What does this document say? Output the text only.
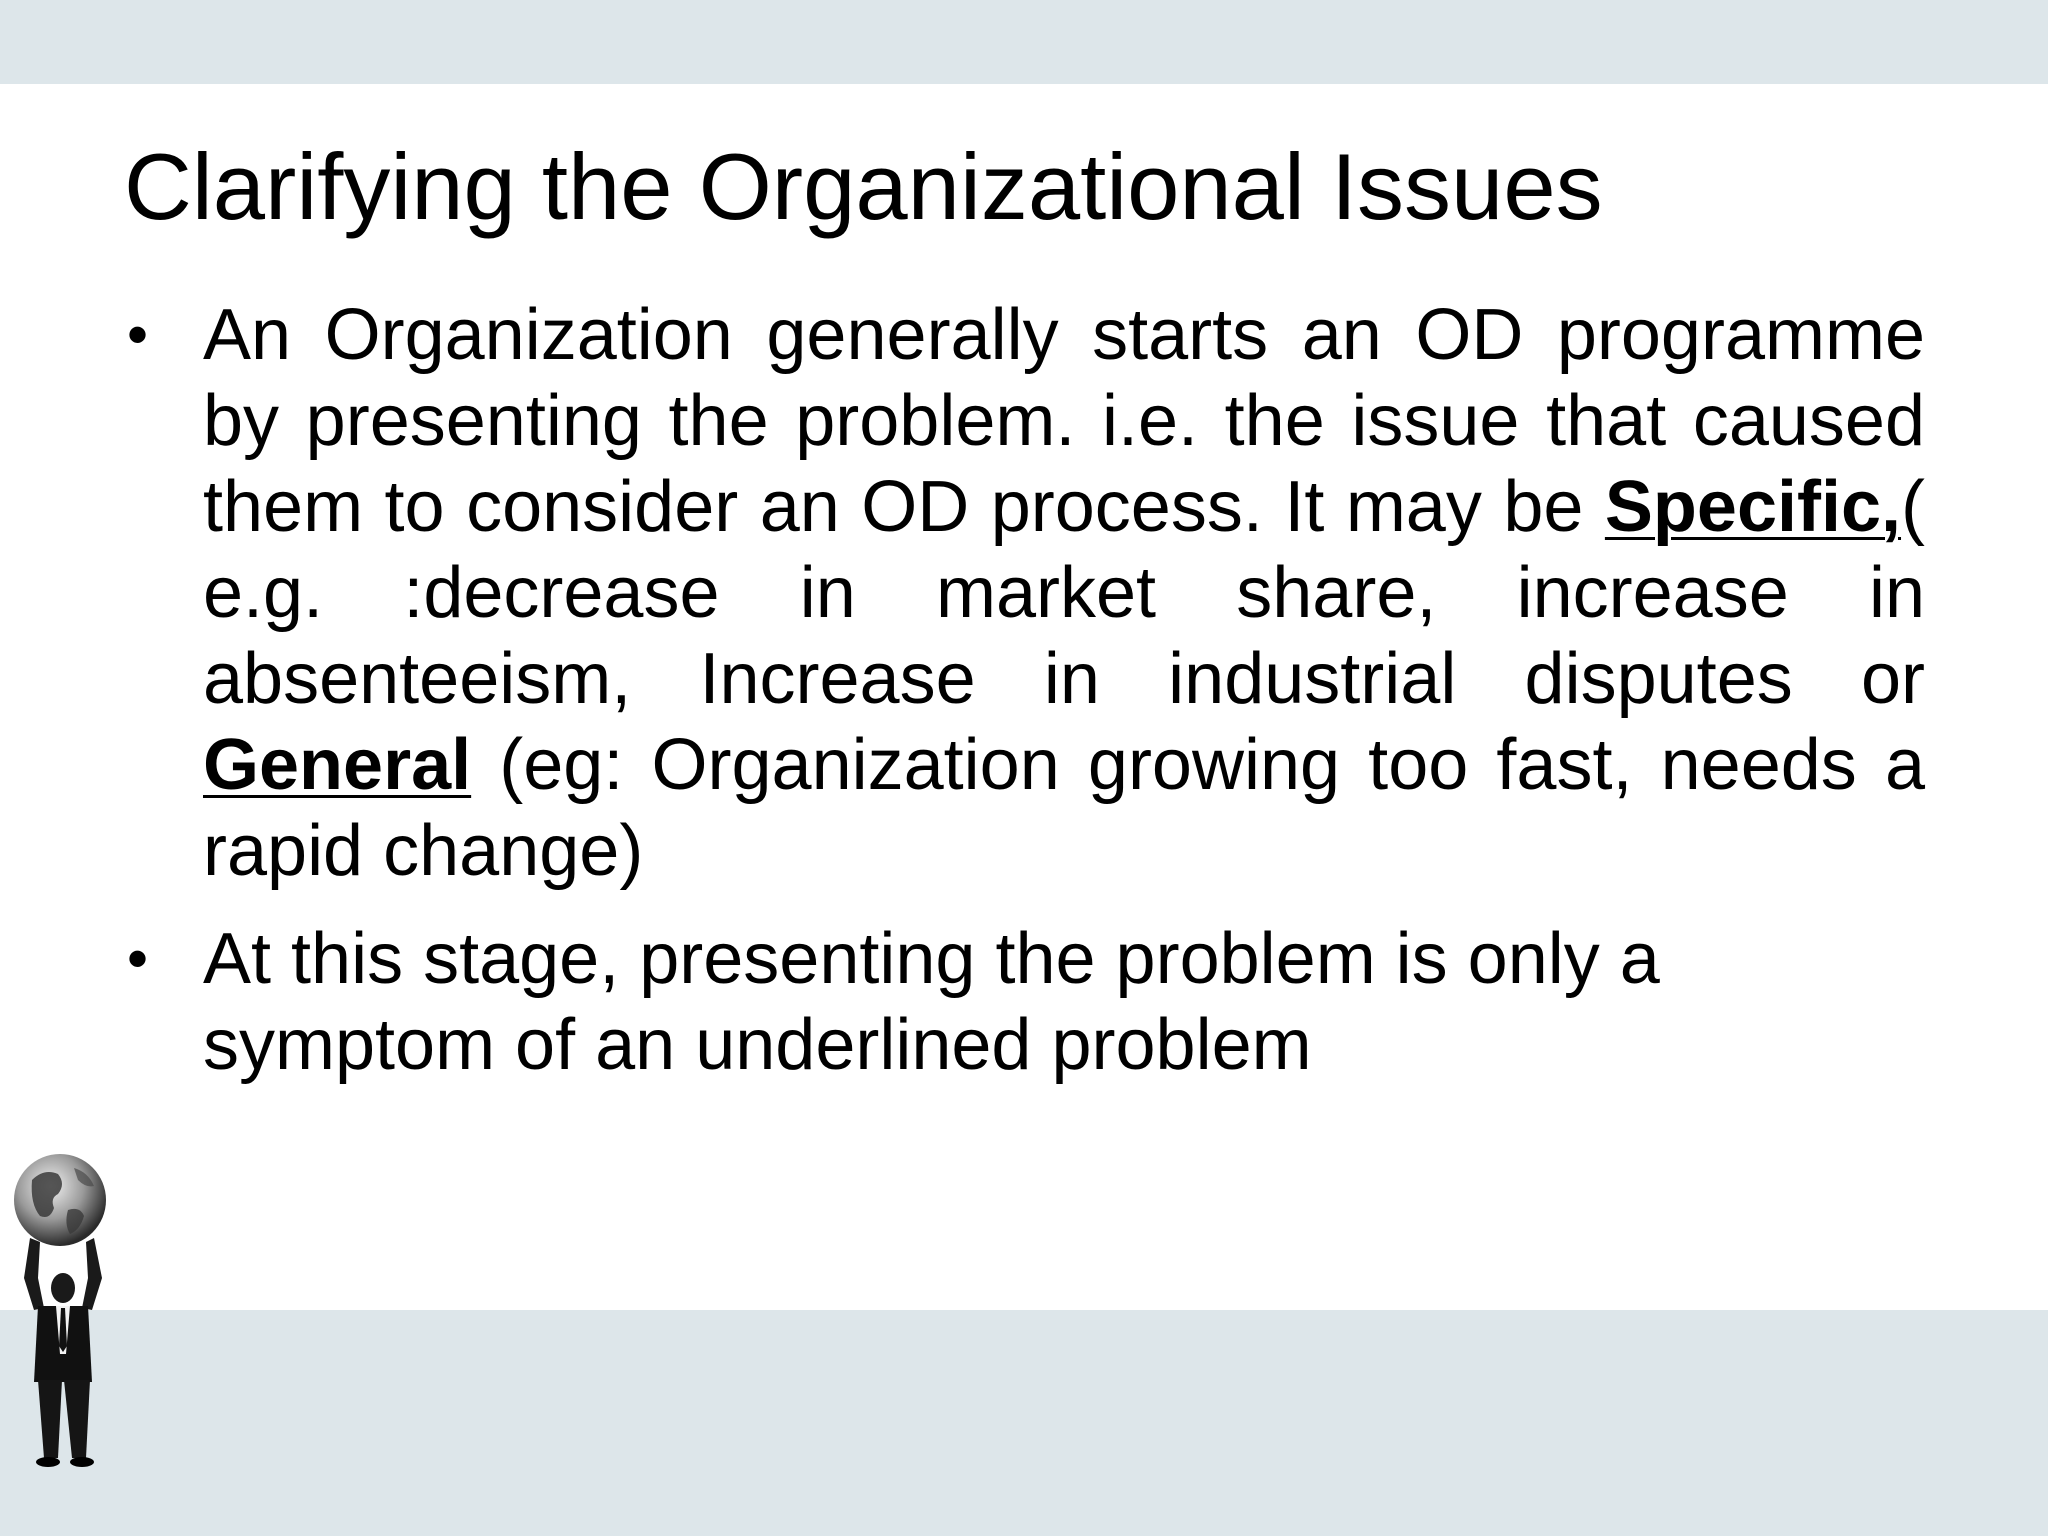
Clarifying the Organizational Issues
• An Organization generally starts an OD programme by presenting the problem. i.e. the issue that caused them to consider an OD process. It may be Specific,( e.g. :decrease in market share, increase in absenteeism, Increase in industrial disputes or General (eg: Organization growing too fast, needs a rapid change)
• At this stage, presenting the problem is only a symptom of an underlined problem
